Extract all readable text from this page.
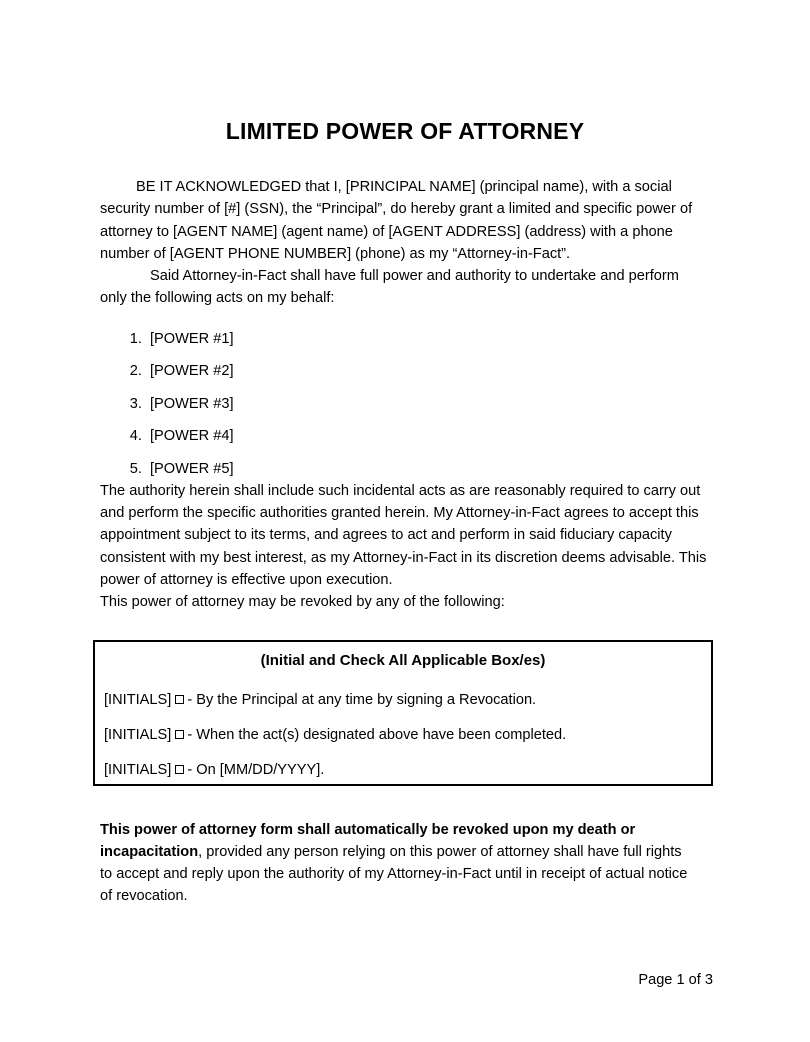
LIMITED POWER OF ATTORNEY

BE IT ACKNOWLEDGED that I, [PRINCIPAL NAME] (principal name), with a social security number of [#] (SSN), the “Principal”, do hereby grant a limited and specific power of attorney to [AGENT NAME] (agent name) of [AGENT ADDRESS] (address) with a phone number of [AGENT PHONE NUMBER] (phone) as my “Attorney-in-Fact”.

Said Attorney-in-Fact shall have full power and authority to undertake and perform only the following acts on my behalf:

1. [POWER #1]
2. [POWER #2]
3. [POWER #3]
4. [POWER #4]
5. [POWER #5]

The authority herein shall include such incidental acts as are reasonably required to carry out and perform the specific authorities granted herein. My Attorney-in-Fact agrees to accept this appointment subject to its terms, and agrees to act and perform in said fiduciary capacity consistent with my best interest, as my Attorney-in-Fact in its discretion deems advisable. This power of attorney is effective upon execution.

This power of attorney may be revoked by any of the following:

(Initial and Check All Applicable Box/es)
[INITIALS] - By the Principal at any time by signing a Revocation.
[INITIALS] - When the act(s) designated above have been completed.
[INITIALS] - On [MM/DD/YYYY].

This power of attorney form shall automatically be revoked upon my death or incapacitation, provided any person relying on this power of attorney shall have full rights to accept and reply upon the authority of my Attorney-in-Fact until in receipt of actual notice of revocation.

Page 1 of 3
